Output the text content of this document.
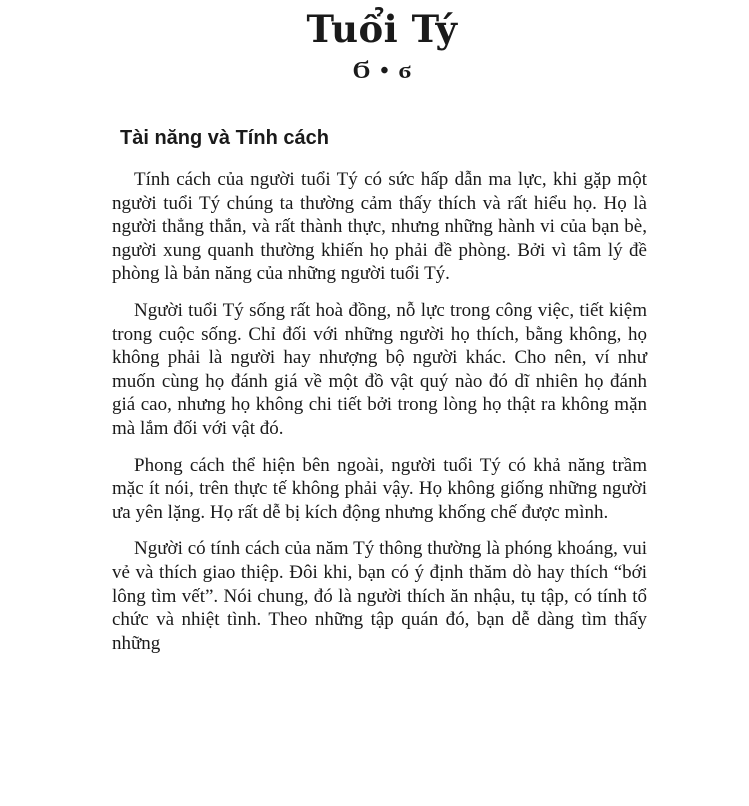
Tuổi Tý
Ϭ • ϭ
Tài năng và Tính cách

Tính cách của người tuổi Tý có sức hấp dẫn ma lực, khi gặp một người tuổi Tý chúng ta thường cảm thấy thích và rất hiểu họ. Họ là người thẳng thắn, và rất thành thực, nhưng những hành vi của bạn bè, người xung quanh thường khiến họ phải đề phòng. Bởi vì tâm lý đề phòng là bản năng của những người tuổi Tý.

Người tuổi Tý sống rất hoà đồng, nỗ lực trong công việc, tiết kiệm trong cuộc sống. Chỉ đối với những người họ thích, bằng không, họ không phải là người hay nhượng bộ người khác. Cho nên, ví như muốn cùng họ đánh giá về một đồ vật quý nào đó dĩ nhiên họ đánh giá cao, nhưng họ không chi tiết bởi trong lòng họ thật ra không mặn mà lắm đối với vật đó.

Phong cách thể hiện bên ngoài, người tuổi Tý có khả năng trầm mặc ít nói, trên thực tế không phải vậy. Họ không giống những người ưa yên lặng. Họ rất dễ bị kích động nhưng khống chế được mình.

Người có tính cách của năm Tý thông thường là phóng khoáng, vui vẻ và thích giao thiệp. Đôi khi, bạn có ý định thăm dò hay thích “bới lông tìm vết”. Nói chung, đó là người thích ăn nhậu, tụ tập, có tính tổ chức và nhiệt tình. Theo những tập quán đó, bạn dễ dàng tìm thấy những
